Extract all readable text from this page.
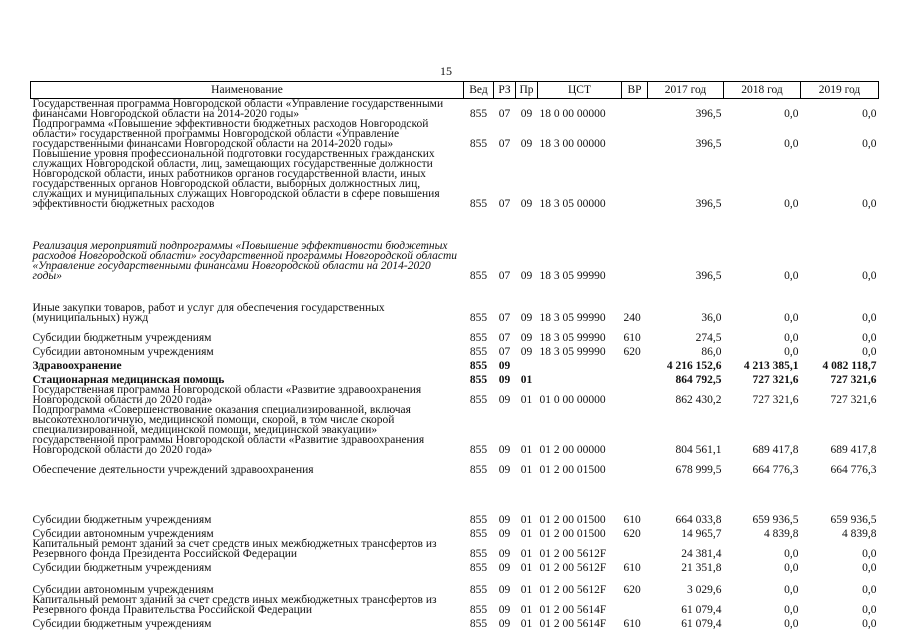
15
Наименование	Вед	РЗ	Пр	ЦСТ	ВР	2017 год	2018 год	2019 год
Государственная программа Новгородской области «Управление государственными финансами Новгородской области на 2014-2020 годы»	855	07	09	18 0 00 00000		396,5	0,0	0,0
Подпрограмма «Повышение эффективности бюджетных расходов Новгородской области» государственной программы Новгородской области «Управление государственными финансами Новгородской области на 2014-2020 годы»	855	07	09	18 3 00 00000		396,5	0,0	0,0
Повышение уровня профессиональной подготовки государственных гражданских служащих Новгородской области, лиц, замещающих государственные должности Новгородской области, иных работников органов государственной власти, иных государственных органов Новгородской области, выборных должностных лиц, служащих и муниципальных служащих Новгородской области в сфере повышения эффективности бюджетных расходов	855	07	09	18 3 05 00000		396,5	0,0	0,0
Реализация мероприятий подпрограммы «Повышение эффективности бюджетных расходов Новгородской области» государственной программы Новгородской области «Управление государственными финансами Новгородской области на 2014-2020 годы»	855	07	09	18 3 05 99990		396,5	0,0	0,0
Иные закупки товаров, работ и услуг для обеспечения государственных (муниципальных) нужд	855	07	09	18 3 05 99990	240	36,0	0,0	0,0
Субсидии бюджетным учреждениям	855	07	09	18 3 05 99990	610	274,5	0,0	0,0
Субсидии автономным учреждениям	855	07	09	18 3 05 99990	620	86,0	0,0	0,0
Здравоохранение	855	09				4 216 152,6	4 213 385,1	4 082 118,7
Стационарная медицинская помощь	855	09	01			864 792,5	727 321,6	727 321,6
Государственная программа Новгородской области «Развитие здравоохранения Новгородской области до 2020 года»	855	09	01	01 0 00 00000		862 430,2	727 321,6	727 321,6
Подпрограмма «Совершенствование оказания специализированной, включая высокотехнологичную, медицинской помощи, скорой, в том числе скорой специализированной, медицинской помощи, медицинской эвакуации» государственной программы Новгородской области «Развитие здравоохранения Новгородской области до 2020 года»	855	09	01	01 2 00 00000		804 561,1	689 417,8	689 417,8
Обеспечение деятельности учреждений здравоохранения	855	09	01	01 2 00 01500		678 999,5	664 776,3	664 776,3
Субсидии бюджетным учреждениям	855	09	01	01 2 00 01500	610	664 033,8	659 936,5	659 936,5
Субсидии автономным учреждениям	855	09	01	01 2 00 01500	620	14 965,7	4 839,8	4 839,8
Капитальный ремонт зданий за счет средств иных межбюджетных трансфертов из Резервного фонда Президента Российской Федерации	855	09	01	01 2 00 5612F		24 381,4	0,0	0,0
Субсидии бюджетным учреждениям	855	09	01	01 2 00 5612F	610	21 351,8	0,0	0,0
Субсидии автономным учреждениям	855	09	01	01 2 00 5612F	620	3 029,6	0,0	0,0
Капитальный ремонт зданий за счет средств иных межбюджетных трансфертов из Резервного фонда Правительства Российской Федерации	855	09	01	01 2 00 5614F		61 079,4	0,0	0,0
Субсидии бюджетным учреждениям	855	09	01	01 2 00 5614F	610	61 079,4	0,0	0,0
